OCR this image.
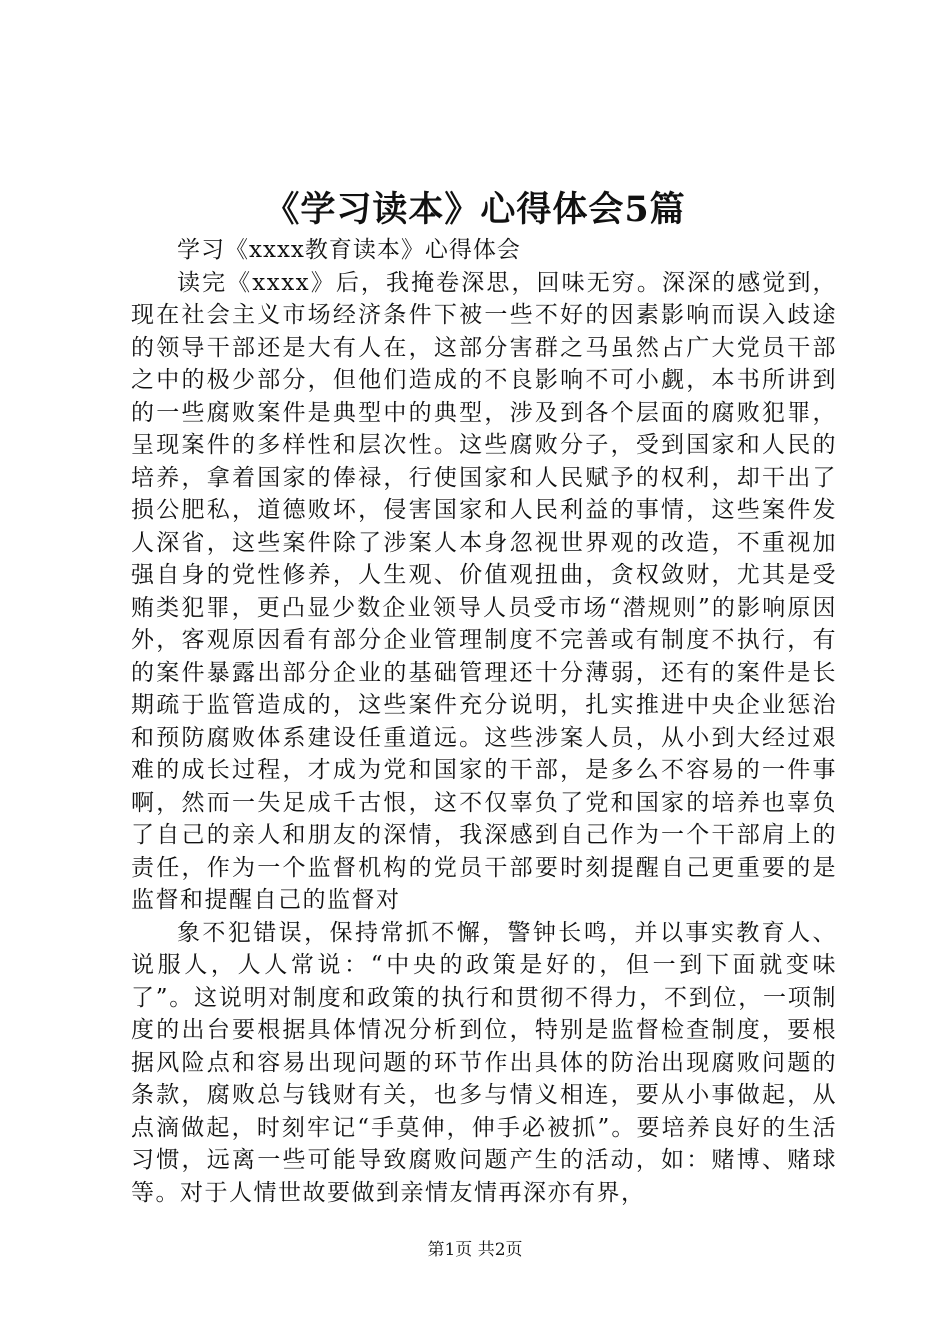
《学习读本》心得体会5篇

学习《xxxx教育读本》心得体会

读完《xxxx》后，我掩卷深思，回味无穷。深深的感觉到，现在社会主义市场经济条件下被一些不好的因素影响而误入歧途的领导干部还是大有人在，这部分害群之马虽然占广大党员干部之中的极少部分，但他们造成的不良影响不可小觑，本书所讲到的一些腐败案件是典型中的典型，涉及到各个层面的腐败犯罪，呈现案件的多样性和层次性。这些腐败分子，受到国家和人民的培养，拿着国家的俸禄，行使国家和人民赋予的权利，却干出了损公肥私，道德败坏，侵害国家和人民利益的事情，这些案件发人深省，这些案件除了涉案人本身忽视世界观的改造，不重视加强自身的党性修养，人生观、价值观扭曲，贪权敛财，尤其是受贿类犯罪，更凸显少数企业领导人员受市场“潜规则”的影响原因外，客观原因看有部分企业管理制度不完善或有制度不执行，有的案件暴露出部分企业的基础管理还十分薄弱，还有的案件是长期疏于监管造成的，这些案件充分说明，扎实推进中央企业惩治和预防腐败体系建设任重道远。这些涉案人员，从小到大经过艰难的成长过程，才成为党和国家的干部，是多么不容易的一件事啊，然而一失足成千古恨，这不仅辜负了党和国家的培养也辜负了自己的亲人和朋友的深情，我深感到自己作为一个干部肩上的责任，作为一个监督机构的党员干部要时刻提醒自己更重要的是监督和提醒自己的监督对

象不犯错误，保持常抓不懈，警钟长鸣，并以事实教育人、说服人，人人常说：“中央的政策是好的，但一到下面就变味了”。这说明对制度和政策的执行和贯彻不得力，不到位，一项制度的出台要根据具体情况分析到位，特别是监督检查制度，要根据风险点和容易出现问题的环节作出具体的防治出现腐败问题的条款，腐败总与钱财有关，也多与情义相连，要从小事做起，从点滴做起，时刻牢记“手莫伸，伸手必被抓”。要培养良好的生活习惯，远离一些可能导致腐败问题产生的活动，如：赌博、赌球等。对于人情世故要做到亲情友情再深亦有界，

第1页 共2页
